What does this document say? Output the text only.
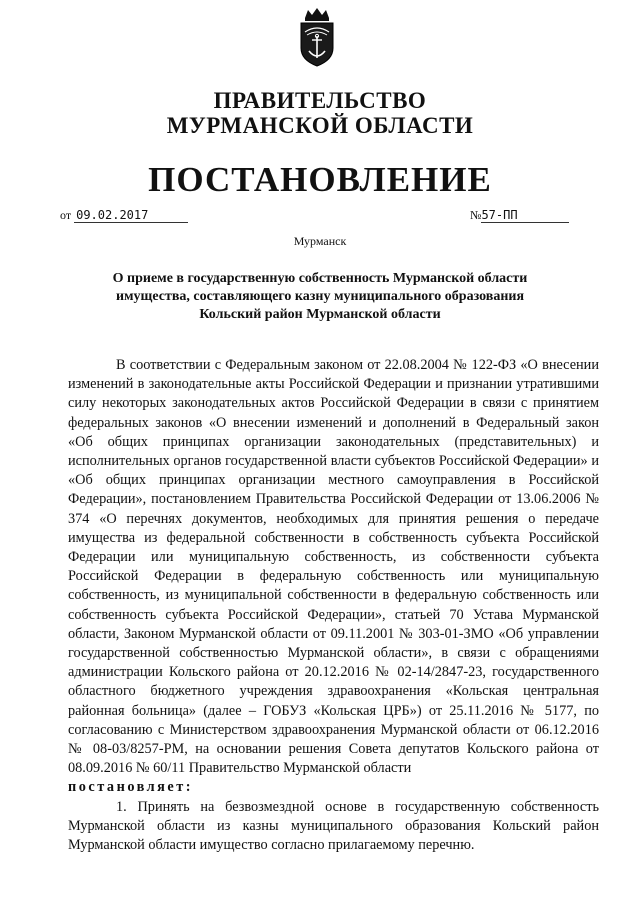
ПРАВИТЕЛЬСТВО
МУРМАНСКОЙ ОБЛАСТИ
ПОСТАНОВЛЕНИЕ
от 09.02.2017	№57-ПП
Мурманск
О приеме в государственную собственность Мурманской области
имущества, составляющего казну муниципального образования
Кольский район Мурманской области

В соответствии с Федеральным законом от 22.08.2004 № 122-ФЗ «О внесении изменений в законодательные акты Российской Федерации и признании утратившими силу некоторых законодательных актов Российской Федерации в связи с принятием федеральных законов «О внесении изменений и дополнений в Федеральный закон «Об общих принципах организации законодательных (представительных) и исполнительных органов государственной власти субъектов Российской Федерации» и «Об общих принципах организации местного самоуправления в Российской Федерации», постановлением Правительства Российской Федерации от 13.06.2006 № 374 «О перечнях документов, необходимых для принятия решения о передаче имущества из федеральной собственности в собственность субъекта Российской Федерации или муниципальную собственность, из собственности субъекта Российской Федерации в федеральную собственность или муниципальную собственность, из муниципальной собственности в федеральную собственность или собственность субъекта Российской Федерации», статьей 70 Устава Мурманской области, Законом Мурманской области от 09.11.2001 № 303-01-ЗМО «Об управлении государственной собственностью Мурманской области», в связи с обращениями администрации Кольского района от 20.12.2016 № 02-14/2847-23, государственного областного бюджетного учреждения здравоохранения «Кольская центральная районная больница» (далее – ГОБУЗ «Кольская ЦРБ») от 25.11.2016 № 5177, по согласованию с Министерством здравоохранения Мурманской области от 06.12.2016 № 08-03/8257-РМ, на основании решения Совета депутатов Кольского района от 08.09.2016 № 60/11 Правительство Мурманской области

постановляет:

1. Принять на безвозмездной основе в государственную собственность Мурманской области из казны муниципального образования Кольский район Мурманской области имущество согласно прилагаемому перечню.
